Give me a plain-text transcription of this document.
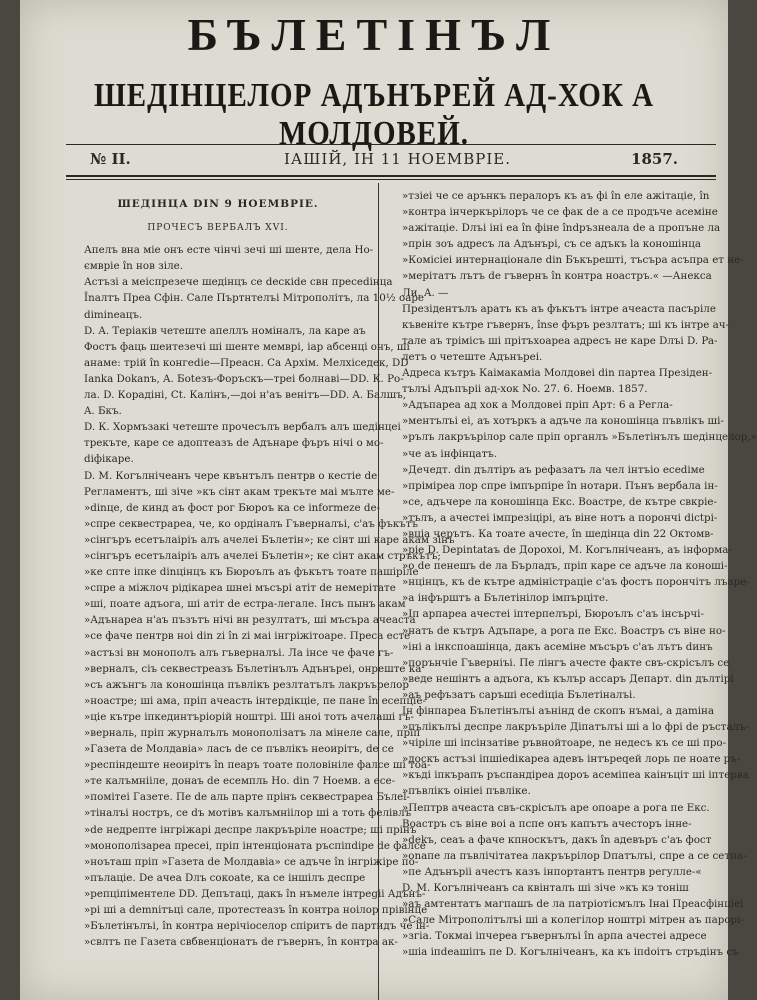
БЪЛЕТIНЪЛ
ШЕДIНЦЕЛОР АДЪНЪРЕЙ АД-ХОК А МОЛДОВЕЙ.
№ II.	IАШIЙ, IН 11 НОЕМВРIЕ.	1857.
ШЕДIНЦА DIN 9 НОЕМВРIЕ.
ПРОЧЕСЪ ВЕРБАЛЪ XVI.

Апелъ вна мiе онъ есте чiнчi зечi шi шенте, дела Но-
ємврiе în нов зiле.

Астъзi a меiспрезече шедiнцъ се deскide свн пресеdiнца
Înалтъ Преа Сфiн. Сале Пъртнтелъi Мiтрополiтъ, ла 10½ оаре
dimineaцъ.

D. A. Терiакiв четеште апеллъ номiналъ, ла каре аъ
Фостъ фаць шеитезечi шi шенте мемврi, iар абсенцi онъ, шi
анаме: тpiй în конгеdie—Преасн. Са Архiм. Мелхiседек, DD
Ianka Dokanъ, A. Бoteзъ-Форъскъ—треi болнавi—DD. К. Ро-
ла. D. Корадiнi, Ct. Калiнъ,—доi н'аъ венiтъ—DD. A. Балшъ,
A. Бкъ.

D. К. Хормъзакi четеште прочесълъ вербалъ алъ шедiнцеi
трекъте, каре се адоптеазъ de Адънаре фъръ нiчi o мо-
diфiкаре.

D. M. Когълнiчеанъ чере квънтълъ пентрв o кестiе de
Регламентъ, шi зiче »къ сiнт акам трекъте маi мълте ме-
»dinцe, de кинд аъ фост рог Бюроъ кa сe informeze de-
»спре секвестрареа, че, ко ордiналъ Гъверналъi, c'аъ фъкътъ
»сiнгъръ есетълаiрiъ алъ ачелеi Бълетiн»; кe сiнт шi каре акам зiнъ
»сiнгъръ есетълаiрiъ алъ ачелеi Бълетiн»; кe сiнт акам стръкътъ;
»кe спте iпке dinцiнцъ къ Бюроълъ аъ фъкътъ тoате пашiрiле
»спре a мiжлоч рiдiкареа шнеi мъсърi атiт de немерiтате
»шi, поате адъога, шi атiт de естра-легале. Iнсъ пынъ акам
»Адънареа н'аъ пъзътъ нiчi вн резултатъ, шi мъсъра ачеаста
»се фаче пентрв ноi din zi în zi маi iнгрiжiтоаре. Преса есте
»астъзi вн монополъ алъ гъверналъi. Ла iнсе че фаче гъ-
»верналъ, сiъ секвестреазъ Бълетiнълъ Адънъреi, онреште ка
»съ ажънгъ ла коношiнца пъвлiкъ резлтатълъ лакръърелор
»ноастре; шi ама, прiп ачеасть iнтердiкцiе, пе пане în есепцiе-
»цiе кътре iпкединтърiорiй ноштрi. Шi аноi тоть ачелашi гъ-
»верналь, прiп журналълъ монополiзатъ ла мiнеле сале, прiп
»Газета de Молдавiа» ласъ de се пъвлiкъ неоирiтъ, de се
»респiндеште неоирiтъ în пеаръ тоате половiнiле фалсе шi тоа-
»те калъмнiiле, донаъ de есемпль Но. din 7 Ноемв. a есе-
»помiтеi Газете. Пе de аль парте прiнъ секвестрареа Бълеl-
»тiналъi ностръ, се dъ мотiвъ калъмнiiлор шi a тоть фелiвлъ
»de недрепте iнгрiжарi деспре лакръърiле ноастре; шi прiнъ
»монополiзареа пресеi, прiп iнтенцiоната ръспiпdiре de фалсе
»ноъташ прiп »Газета de Молдавiа» се адъче în iнгрiжiре по-
»пълацiе. De ачеа Dлъ сокоаtе, кa сe iншiлъ деспре
»репцiпiментеле DD. Депътацi, дакъ în нъмеле iнтреgii Адънъ-
»рi шi a demniтъцi сале, протестеазъ în контра ноiлор прiвiнце
»Бълетiнълъi, în контра нерiчiоселор спiритъ de партидъ че iн-
»свлтъ пе Газета свбвенцiонатъ de гъвернъ, în контра ак-

»тзiеi че се арънкъ пералоръ къ аъ фi în еле ажiтацiе, în
»контра iнчеркърiлоръ че се фак de a се продъче асемiне
»ажiтацiе. Dлъi iнi еа în фiне îndръзнеала de a пропъне ла
»прiн зоъ адресъ ла Адънърi, съ се адъкъ la коношiнца
»Комiсiеi интернацiонале din Бъкърештi, тъсъра асъпра ет не-
»мерiтатъ лътъ de гъвернъ în контра ноастръ.« —Анекса
Ли. A. —

Презiдентълъ аратъ къ аъ фъкътъ iнтре ачеаста пасърiле
къвенiте кътре гъвернъ, însе фъръ резлтатъ; шi къ iнтре ач-
тaле аъ трiмiсъ шi прiтъхоареа адресъ не каре Dлъi D. Pa-
летъ o четеште Адънъреi.

Адреса кътръ Каiмакамiа Молдовеi din партеа Презiден-
тълъi Адъпърii ад-хок No. 27. 6. Ноемв. 1857.

»Адъпареа ад хок a Молдовеi прiп Арт: 6 a Регла-
»ментълъi еi, аъ хотъркъ a адъче ла коношiнца пъвлiкъ шi-
»рълъ лакръърiлор сале прiп органлъ »Бълетiнълъ шедiнцелор,»
»че аъ iнфiнцатъ.

»Дечедт. din дълтiръ аъ рефазатъ ла чел iнтъiо есеdiме
»прiмiреа лор спре iмпърпiре în нотари. Пънъ вербала iн-
»се, адъчере ла коношiнца Екс. Воастре, de кътре свкрiе-
»тълъ, a ачестеi iмпрезiцiрi, аъ вiне нотъ a порoнчi dictрi-
»вцiа черътъ. Ка тоате ачесте, în шедiнца din 22 Октомв-
»рiе D. Depintаtаъ de Дороxoi, M. Когълнiчеанъ, аъ iнформа-
»o de пенешъ de ла Бърладъ, прiп каре се адъче ла коношi-
»нцiнцъ, къ de кътрe адмiнiстрацiе с'аъ фостъ порoнчiтъ лъаре-
»а iнфърштъ a Бълетiнiлор iмпърцiте.

»Iп арпареа ачестеi iптерпелърi, Бюроълъ с'аъ iнсърчi-
»натъ de кътръ Адъпаре, a рога пе Екс. Воастръ съ вiне но-
»iнi a iнкспоашiнца, дакъ асемiне мъсъръ с'аъ лътъ dинъ
»порънчiе Гъвернiъi. Пе лiнгъ ачесте факте свъ-скрiсълъ се
»веде нешiнтъ a адъога, къ кълър ассаръ Департ. din дълтiрi
»аъ рефъзатъ саръшi есеdiцiа Бълетiналъi.

Iн фiнпареа Бълетiнълъi аънiнд de скопъ нъмаi, a даmiна
»пълiкълъi деспре лакръърiле Дiпатълъi шi a lo фрi de ръсталъ-
»чiрiле шi iпсiнзатiве ръвнойтоаре, ne недесъ къ се шi про-
»доскъ астъзi iпшiеdiкареа адевъ iнтъреqeй лорь пе ноате ръ-
»къдi iпкърапъ ръспандiреа дороъ асемiпеа каiнъцiт шi iптерва
»пъвлiкъ оiнiеi пъвлiке.

»Пептрв ачеаста свъ-скрiсълъ аре опоаре a рога пе Екс.
Воастръ съ вiне воi a пспе онъ капътъ ачесторъ iнне-
»dekъ, сеаъ a фаче кпноскътъ, дакъ în адевъръ с'аъ фост
»onaпе ла пъвлiчiтатеа лакръърiлор Dпатълъi, спре a се сетпа-
»пе Адънърii ачестъ казъ iнпортантъ пентрв регулле-«

D. M. Когълнiчеанъ са квiнталъ шi зiче »къ кэ тонiш
»аъ амтентатъ магпашъ de ла патрiотiсмълъ Iнаi Преасфiнцiеi
»Сале Мiтрополiтълъi шi a колегiлор ноштрi мiтрен аъ парорi-
»згiа. Токмаi iпчереа гъвернълъi în арпа ачестеi адресе
»шiа iпdеашiпъ пе D. Когълнiчеанъ, кa къ iпdоiтъ стръдiнъ съ
